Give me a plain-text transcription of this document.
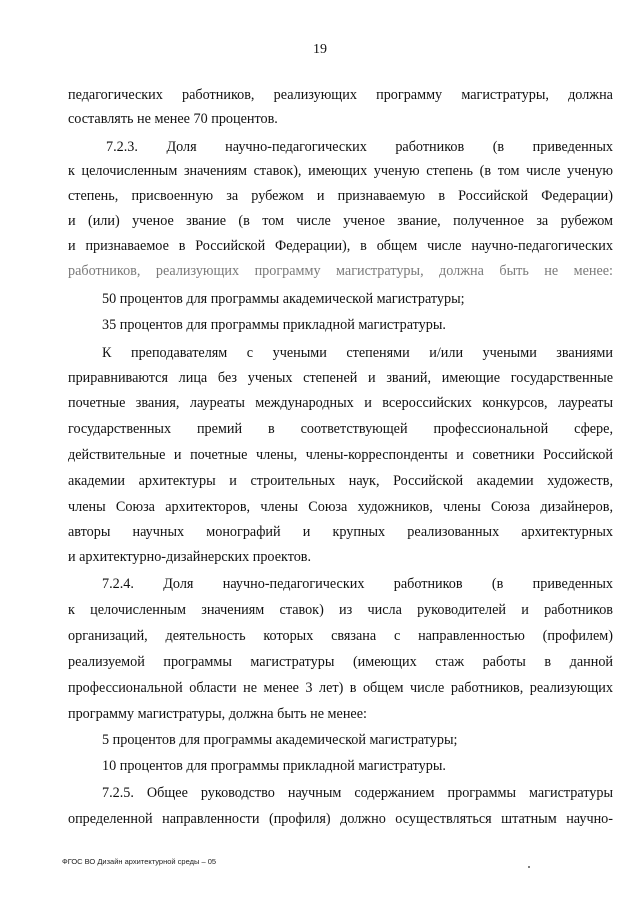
19
педагогических работников, реализующих программу магистратуры, должна
составлять не менее 70 процентов.
7.2.3. Доля научно-педагогических работников (в приведенных
к целочисленным значениям ставок), имеющих ученую степень (в том числе ученую
степень, присвоенную за рубежом и признаваемую в Российской Федерации)
и (или) ученое звание (в том числе ученое звание, полученное за рубежом
и признаваемое в Российской Федерации), в общем числе научно-педагогических
работников, реализующих программу магистратуры, должна быть не менее:
50 процентов для программы академической магистратуры;
35 процентов для программы прикладной магистратуры.
К преподавателям с учеными степенями и/или учеными званиями
приравниваются лица без ученых степеней и званий, имеющие государственные
почетные звания, лауреаты международных и всероссийских конкурсов, лауреаты
государственных премий в соответствующей профессиональной сфере,
действительные и почетные члены, члены-корреспонденты и советники Российской
академии архитектуры и строительных наук, Российской академии художеств,
члены Союза архитекторов, члены Союза художников, члены Союза дизайнеров,
авторы научных монографий и крупных реализованных архитектурных
и архитектурно-дизайнерских проектов.
7.2.4. Доля научно-педагогических работников (в приведенных
к целочисленным значениям ставок) из числа руководителей и работников
организаций, деятельность которых связана с направленностью (профилем)
реализуемой программы магистратуры (имеющих стаж работы в данной
профессиональной области не менее 3 лет) в общем числе работников, реализующих
программу магистратуры, должна быть не менее:
5 процентов для программы академической магистратуры;
10 процентов для программы прикладной магистратуры.
7.2.5. Общее руководство научным содержанием программы магистратуры
определенной направленности (профиля) должно осуществляться штатным научно-
ФГОС ВО Дизайн архитектурной среды – 05
